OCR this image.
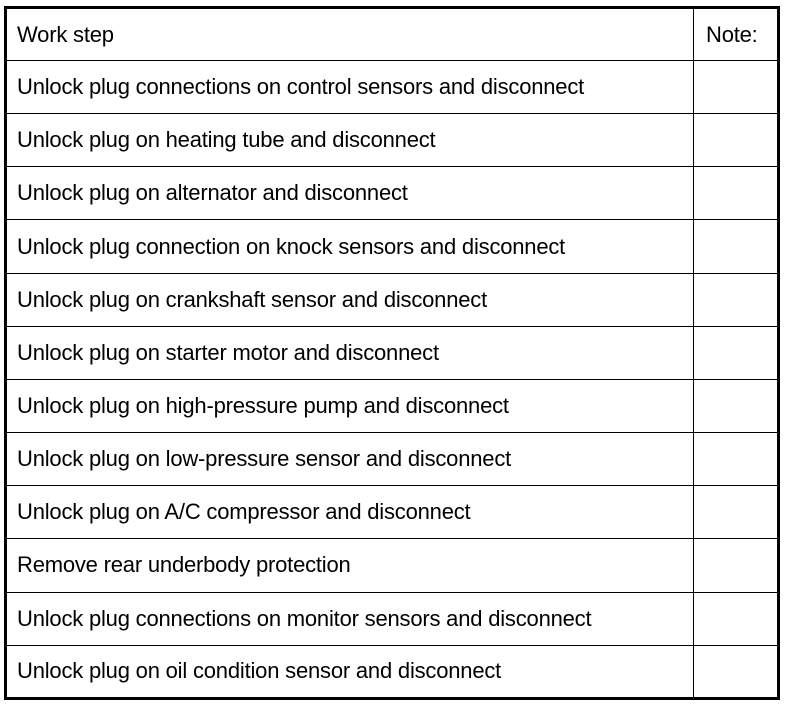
Work step	Note:
Unlock plug connections on control sensors and disconnect	
Unlock plug on heating tube and disconnect	
Unlock plug on alternator and disconnect	
Unlock plug connection on knock sensors and disconnect	
Unlock plug on crankshaft sensor and disconnect	
Unlock plug on starter motor and disconnect	
Unlock plug on high-pressure pump and disconnect	
Unlock plug on low-pressure sensor and disconnect	
Unlock plug on A/C compressor and disconnect	
Remove rear underbody protection	
Unlock plug connections on monitor sensors and disconnect	
Unlock plug on oil condition sensor and disconnect	
